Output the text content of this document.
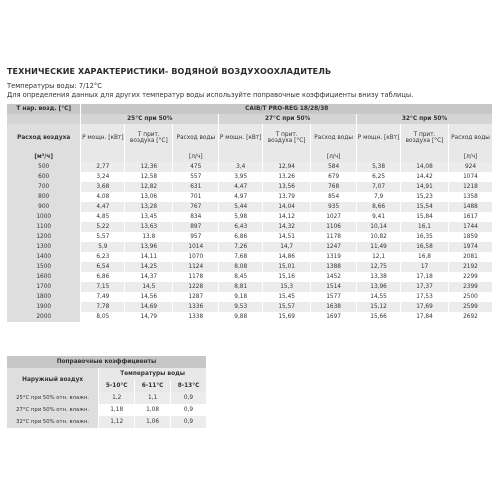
ТЕХНИЧЕСКИЕ ХАРАКТЕРИСТИКИ- ВОДЯНОЙ ВОЗДУХООХЛАДИТЕЛЬ
Температуры воды: 7/12°C
Для определения данных для других температур воды используйте поправочные коэффициенты внизу таблицы.
Т нар. возд. [°C]	CAIB/T PRO-REG 18/28/38								
	25°C при 50%			27°C при 50%			32°C при 50%		
Расход воздуха	P мощн. [кВт]	Т прит. воздуха [°C]	Расход воды	P мощн. [кВт]	Т прит. воздуха [°C]	Расход воды	P мощн. [кВт]	Т прит. воздуха [°C]	Расход воды
[м³/ч]			[л/ч]			[л/ч]			[л/ч]
500	2,77	12,36	475	3,4	12,94	584	5,38	14,08	924
600	3,24	12,58	557	3,95	13,26	679	6,25	14,42	1074
700	3,68	12,82	631	4,47	13,56	768	7,07	14,91	1218
800	4,08	13,06	701	4,97	13,79	854	7,9	15,23	1358
900	4,47	13,28	767	5,44	14,04	935	8,66	15,54	1488
1000	4,85	13,45	834	5,98	14,12	1027	9,41	15,84	1617
1100	5,22	13,63	897	6,43	14,32	1106	10,14	16,1	1744
1200	5,57	13,8	957	6,86	14,51	1178	10,82	16,35	1859
1300	5,9	13,96	1014	7,26	14,7	1247	11,49	16,58	1974
1400	6,23	14,11	1070	7,68	14,86	1319	12,1	16,8	2081
1500	6,54	14,25	1124	8,08	15,01	1388	12,75	17	2192
1600	6,86	14,37	1178	8,45	15,16	1452	13,38	17,18	2299
1700	7,15	14,5	1228	8,81	15,3	1514	13,96	17,37	2399
1800	7,49	14,56	1287	9,18	15,45	1577	14,55	17,53	2500
1900	7,78	14,69	1336	9,53	15,57	1638	15,12	17,69	2599
2000	8,05	14,79	1338	9,88	15,69	1697	15,66	17,84	2692
Поправочные коэффициенты			
Наружный воздух	Температуры воды		
	5-10°C	6-11°C	8-13°C
25°C при 50% отн. влажн.	1,2	1,1	0,9
27°C при 50% отн. влажн.	1,18	1,08	0,9
32°C при 50% отн. влажн.	1,12	1,06	0,9
